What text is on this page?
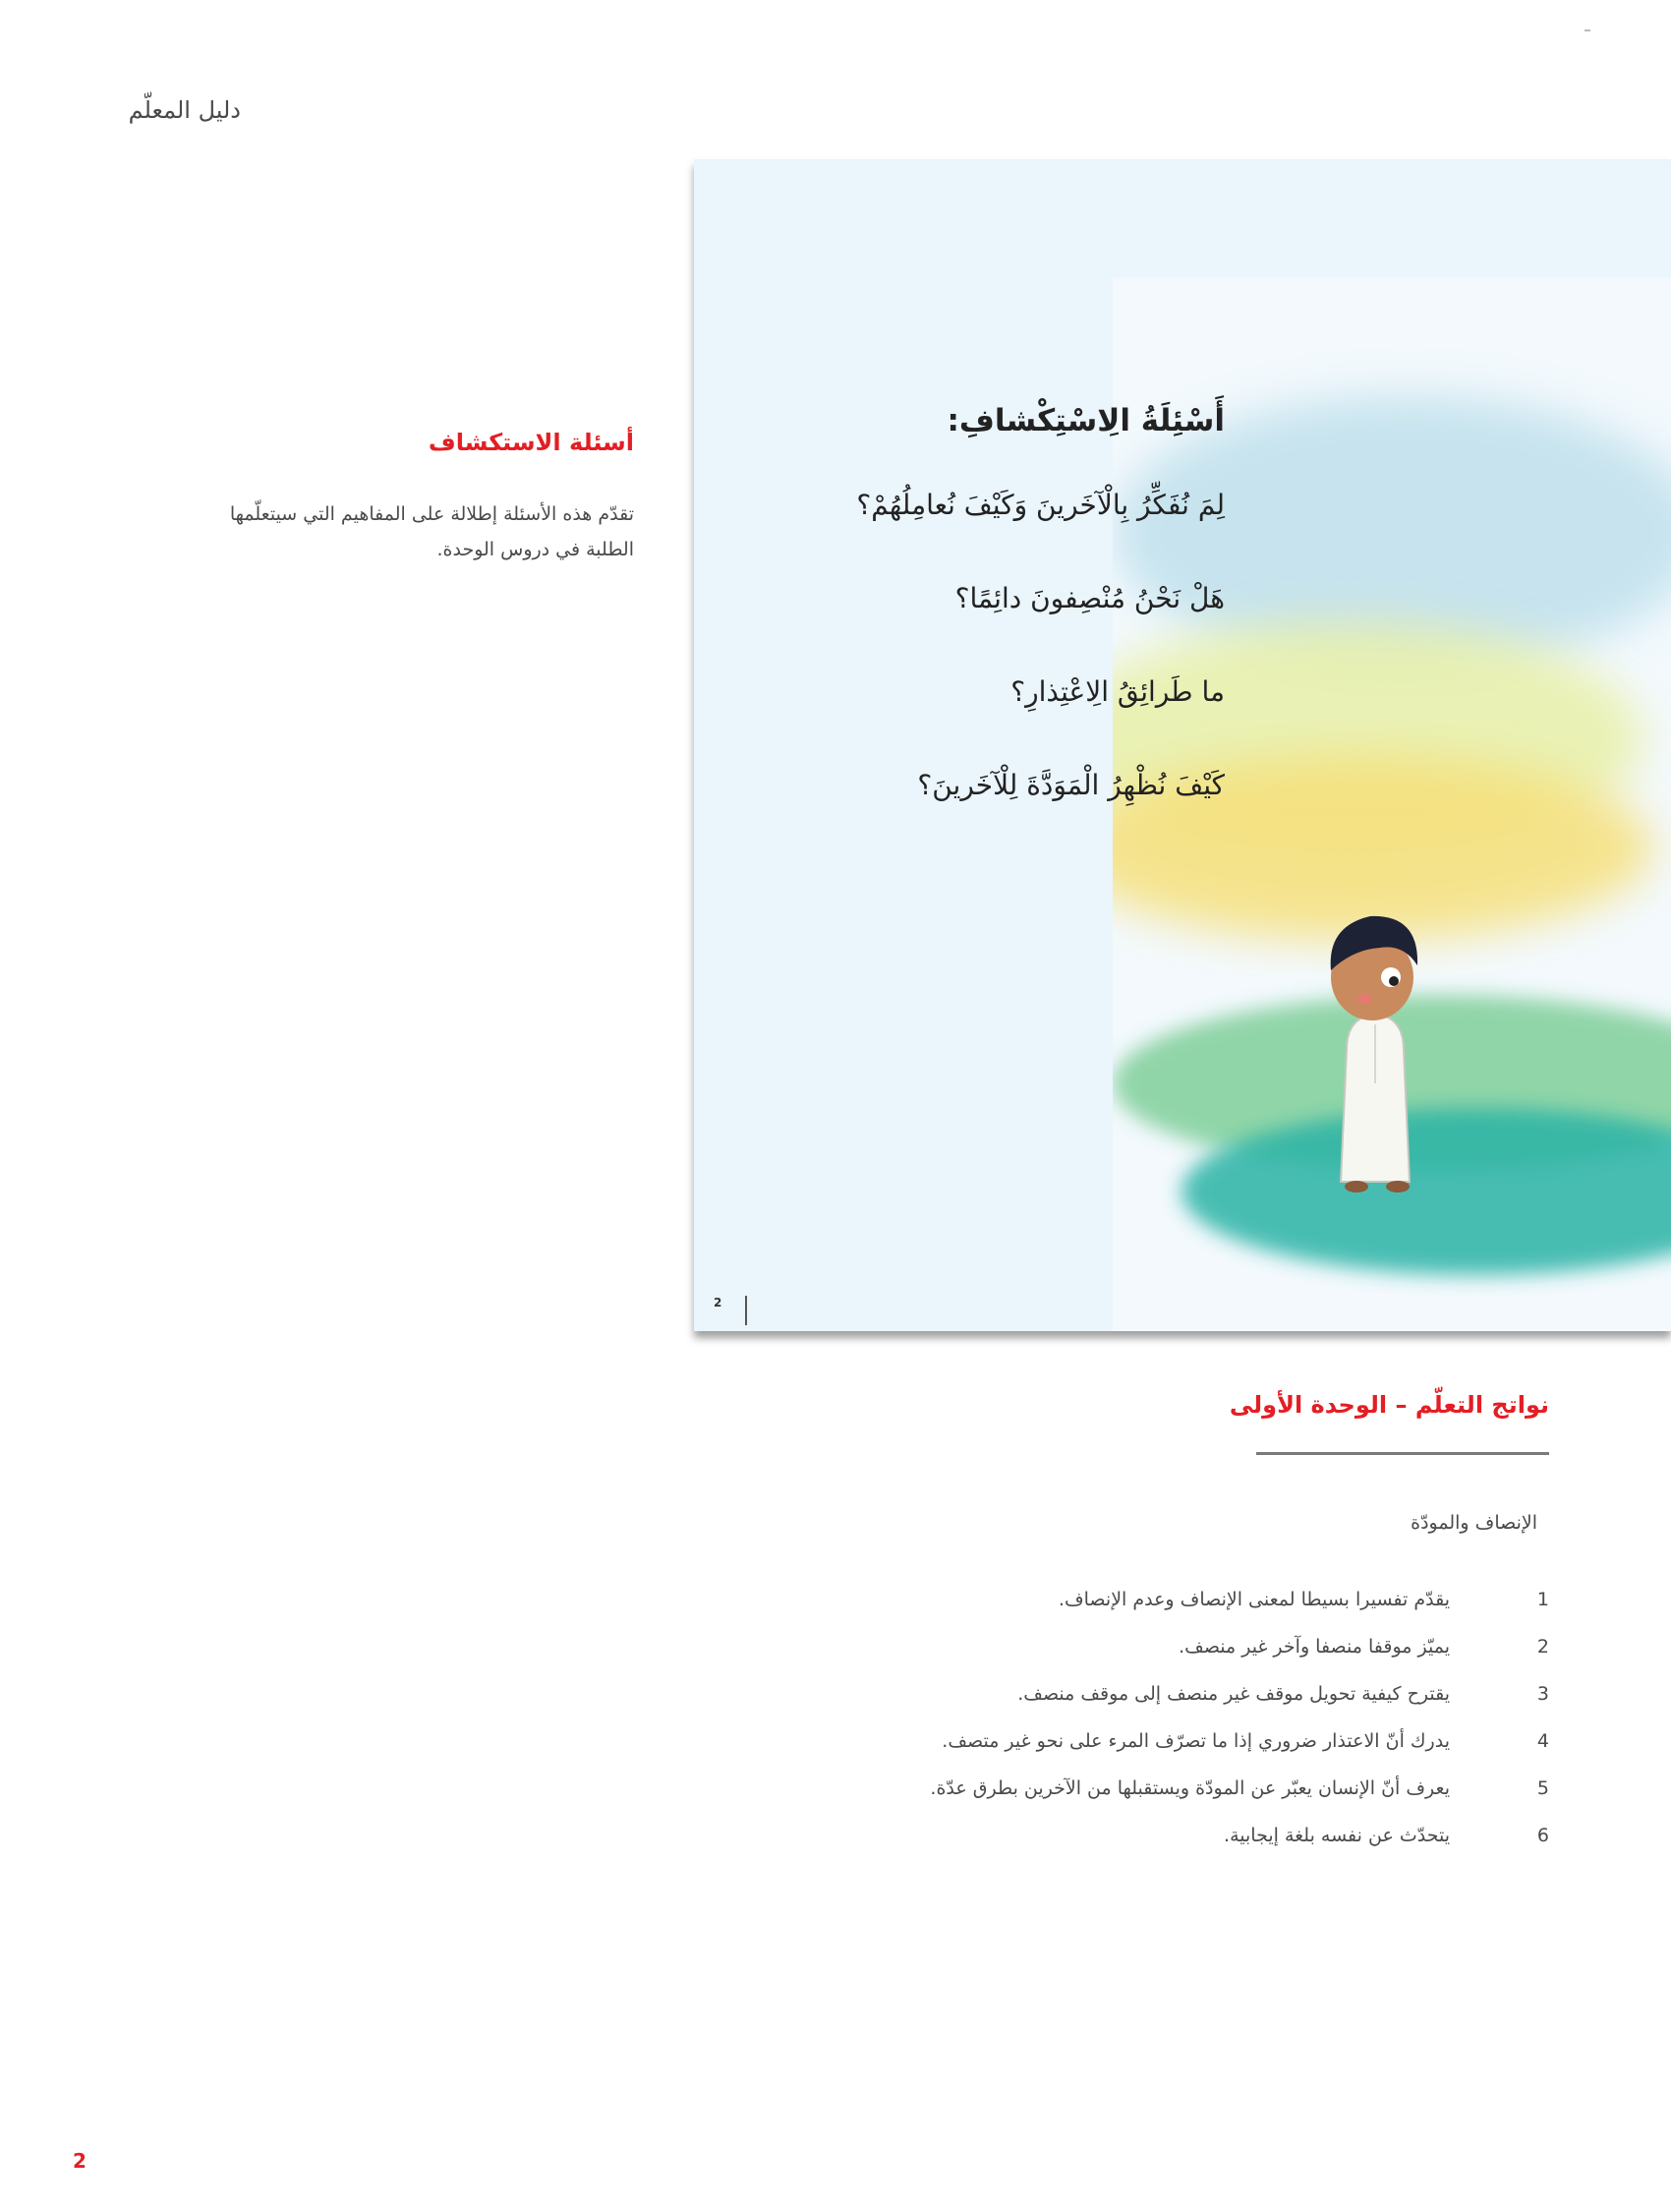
دليل المعلّم
أسئلة الاستكشاف
تقدّم هذه الأسئلة إطلالة على المفاهيم التي سيتعلّمها الطلبة في دروس الوحدة.
أَسْئِلَةُ الِاسْتِكْشافِ:
لِمَ نُفَكِّرُ بِالْآخَرينَ وَكَيْفَ نُعامِلُهُمْ؟
هَلْ نَحْنُ مُنْصِفونَ دائِمًا؟
ما طَرائِقُ الِاعْتِذارِ؟
كَيْفَ نُظْهِرُ الْمَوَدَّةَ لِلْآخَرينَ؟
2
نواتج التعلّم – الوحدة الأولى
الإنصاف والمودّة
1
يقدّم تفسيرا بسيطا لمعنى الإنصاف وعدم الإنصاف.
2
يميّز موقفا منصفا وآخر غير منصف.
3
يقترح كيفية تحويل موقف غير منصف إلى موقف منصف.
4
يدرك أنّ الاعتذار ضروري إذا ما تصرّف المرء على نحو غير متصف.
5
يعرف أنّ الإنسان يعبّر عن المودّة ويستقبلها من الآخرين بطرق عدّة.
6
يتحدّث عن نفسه بلغة إيجابية.
2
